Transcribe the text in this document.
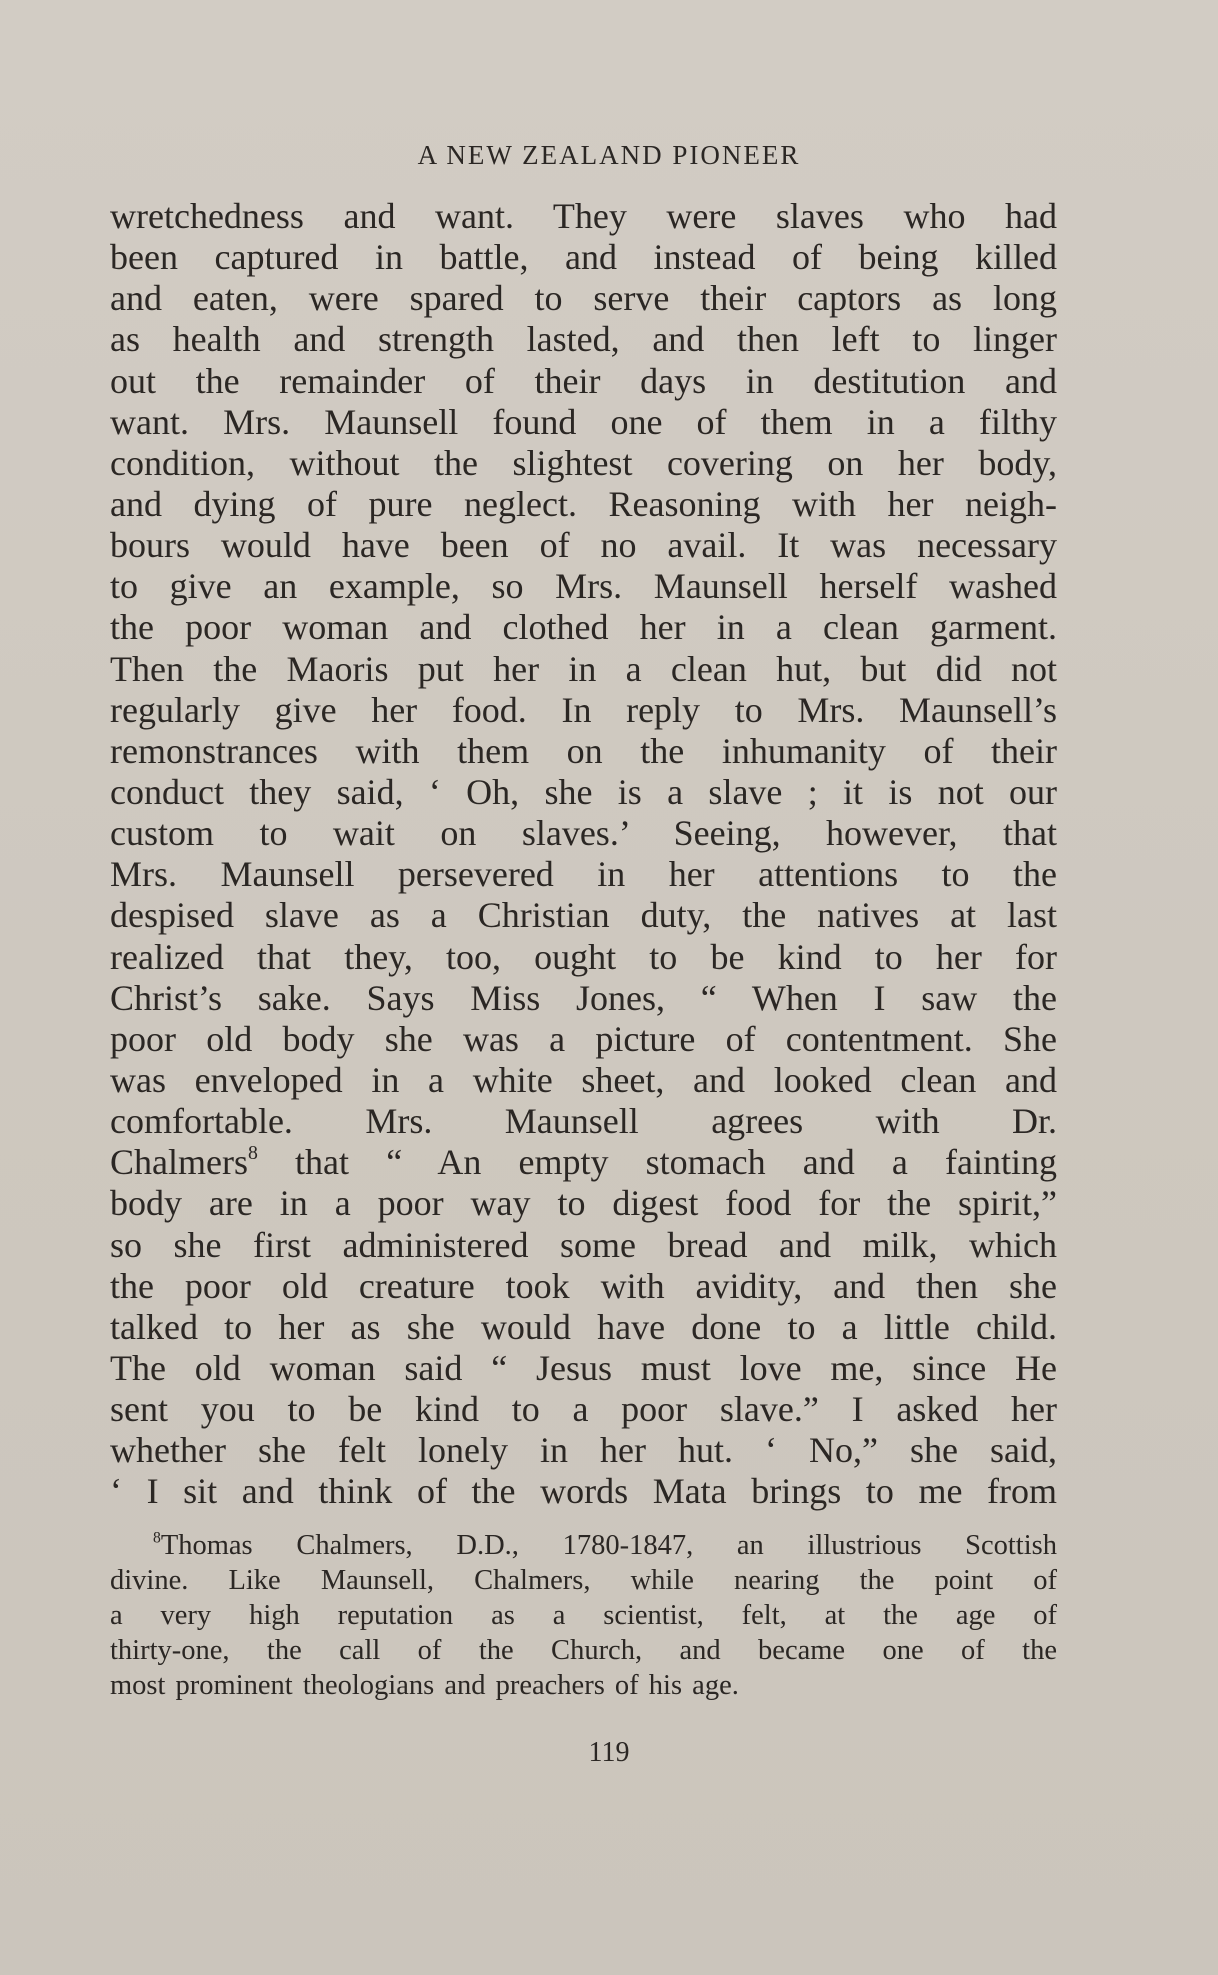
A NEW ZEALAND PIONEER
wretchedness and want. They were slaves who had
been captured in battle, and instead of being killed
and eaten, were spared to serve their captors as long
as health and strength lasted, and then left to linger
out the remainder of their days in destitution and
want. Mrs. Maunsell found one of them in a filthy
condition, without the slightest covering on her body,
and dying of pure neglect. Reasoning with her neigh-
bours would have been of no avail. It was necessary
to give an example, so Mrs. Maunsell herself washed
the poor woman and clothed her in a clean garment.
Then the Maoris put her in a clean hut, but did not
regularly give her food. In reply to Mrs. Maunsell’s
remonstrances with them on the inhumanity of their
conduct they said, ‘ Oh, she is a slave ; it is not our
custom to wait on slaves.’ Seeing, however, that
Mrs. Maunsell persevered in her attentions to the
despised slave as a Christian duty, the natives at last
realized that they, too, ought to be kind to her for
Christ’s sake. Says Miss Jones, “ When I saw the
poor old body she was a picture of contentment. She
was enveloped in a white sheet, and looked clean and
comfortable. Mrs. Maunsell agrees with Dr.
Chalmers$^8$ that “ An empty stomach and a fainting
body are in a poor way to digest food for the spirit,”
so she first administered some bread and milk, which
the poor old creature took with avidity, and then she
talked to her as she would have done to a little child.
The old woman said “ Jesus must love me, since He
sent you to be kind to a poor slave.” I asked her
whether she felt lonely in her hut. ‘ No,” she said,
‘ I sit and think of the words Mata brings to me from
$^8$Thomas Chalmers, D.D., 1780-1847, an illustrious Scottish
divine. Like Maunsell, Chalmers, while nearing the point of
a very high reputation as a scientist, felt, at the age of
thirty-one, the call of the Church, and became one of the
most prominent theologians and preachers of his age.
119
